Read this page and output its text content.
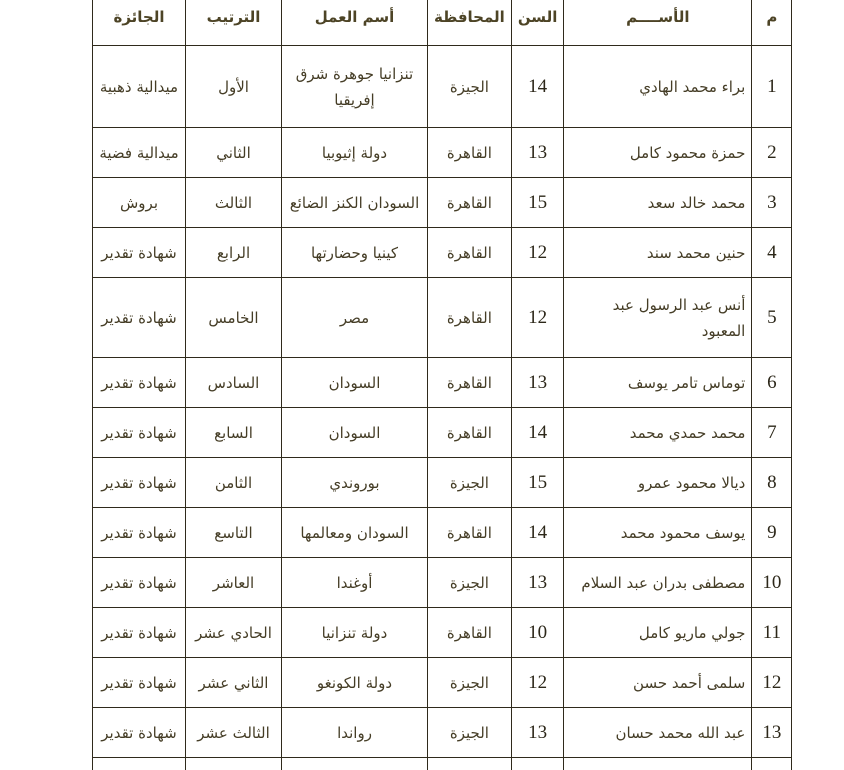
م	الأســــم	السن	المحافظة	أسم العمل	الترتيب	الجائزة
1	براء محمد الهادي	14	الجيزة	تنزانيا جوهرة شرق إفريقيا	الأول	ميدالية ذهبية
2	حمزة محمود كامل	13	القاهرة	دولة إثيوبيا	الثاني	ميدالية فضية
3	محمد خالد سعد	15	القاهرة	السودان الكنز الضائع	الثالث	بروش
4	حنين محمد سند	12	القاهرة	كينيا وحضارتها	الرابع	شهادة تقدير
5	أنس عبد الرسول عبد المعبود	12	القاهرة	مصر	الخامس	شهادة تقدير
6	توماس تامر يوسف	13	القاهرة	السودان	السادس	شهادة تقدير
7	محمد حمدي محمد	14	القاهرة	السودان	السابع	شهادة تقدير
8	ديالا محمود عمرو	15	الجيزة	بوروندي	الثامن	شهادة تقدير
9	يوسف محمود محمد	14	القاهرة	السودان ومعالمها	التاسع	شهادة تقدير
10	مصطفى بدران عبد السلام	13	الجيزة	أوغندا	العاشر	شهادة تقدير
11	جولي ماريو كامل	10	القاهرة	دولة تنزانيا	الحادي عشر	شهادة تقدير
12	سلمى أحمد حسن	12	الجيزة	دولة الكونغو	الثاني عشر	شهادة تقدير
13	عبد الله محمد حسان	13	الجيزة	رواندا	الثالث عشر	شهادة تقدير
